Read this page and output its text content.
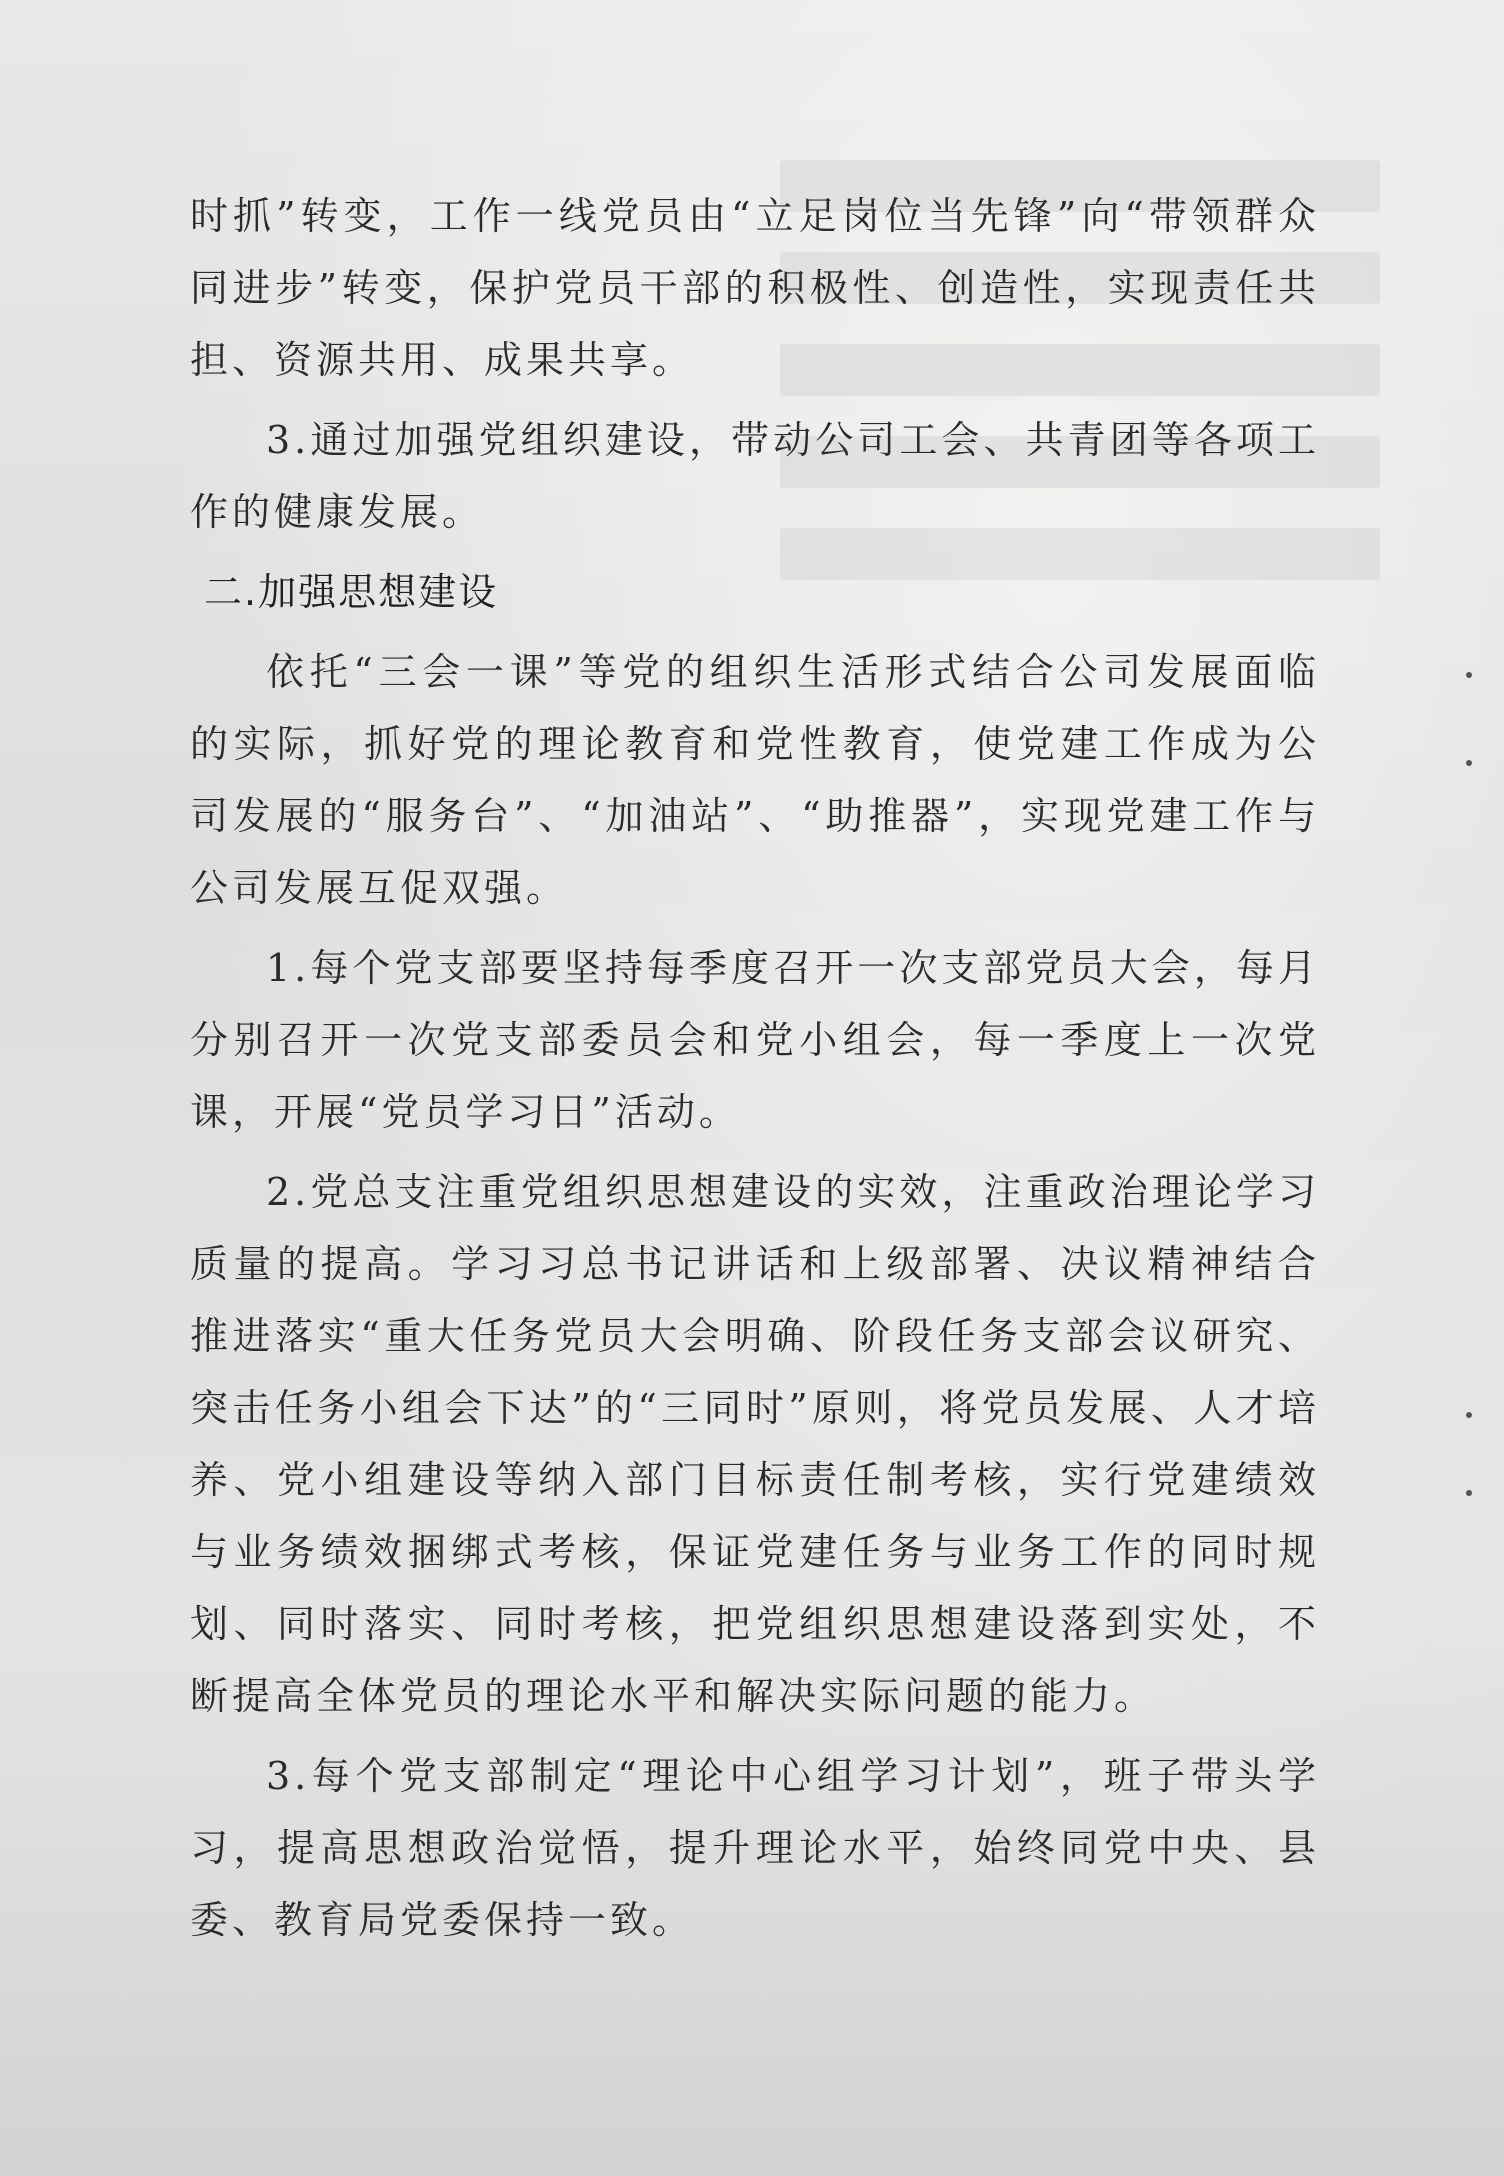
时抓”转变，工作一线党员由“立足岗位当先锋”向“带领群众同进步”转变，保护党员干部的积极性、创造性，实现责任共担、资源共用、成果共享。

3.通过加强党组织建设，带动公司工会、共青团等各项工作的健康发展。

二.加强思想建设

依托“三会一课”等党的组织生活形式结合公司发展面临的实际，抓好党的理论教育和党性教育，使党建工作成为公司发展的“服务台”、“加油站”、“助推器”，实现党建工作与公司发展互促双强。

1.每个党支部要坚持每季度召开一次支部党员大会，每月分别召开一次党支部委员会和党小组会，每一季度上一次党课，开展“党员学习日”活动。

2.党总支注重党组织思想建设的实效，注重政治理论学习质量的提高。学习习总书记讲话和上级部署、决议精神结合推进落实“重大任务党员大会明确、阶段任务支部会议研究、突击任务小组会下达”的“三同时”原则，将党员发展、人才培养、党小组建设等纳入部门目标责任制考核，实行党建绩效与业务绩效捆绑式考核，保证党建任务与业务工作的同时规划、同时落实、同时考核，把党组织思想建设落到实处，不断提高全体党员的理论水平和解决实际问题的能力。

3.每个党支部制定“理论中心组学习计划”，班子带头学习，提高思想政治觉悟，提升理论水平，始终同党中央、县委、教育局党委保持一致。
